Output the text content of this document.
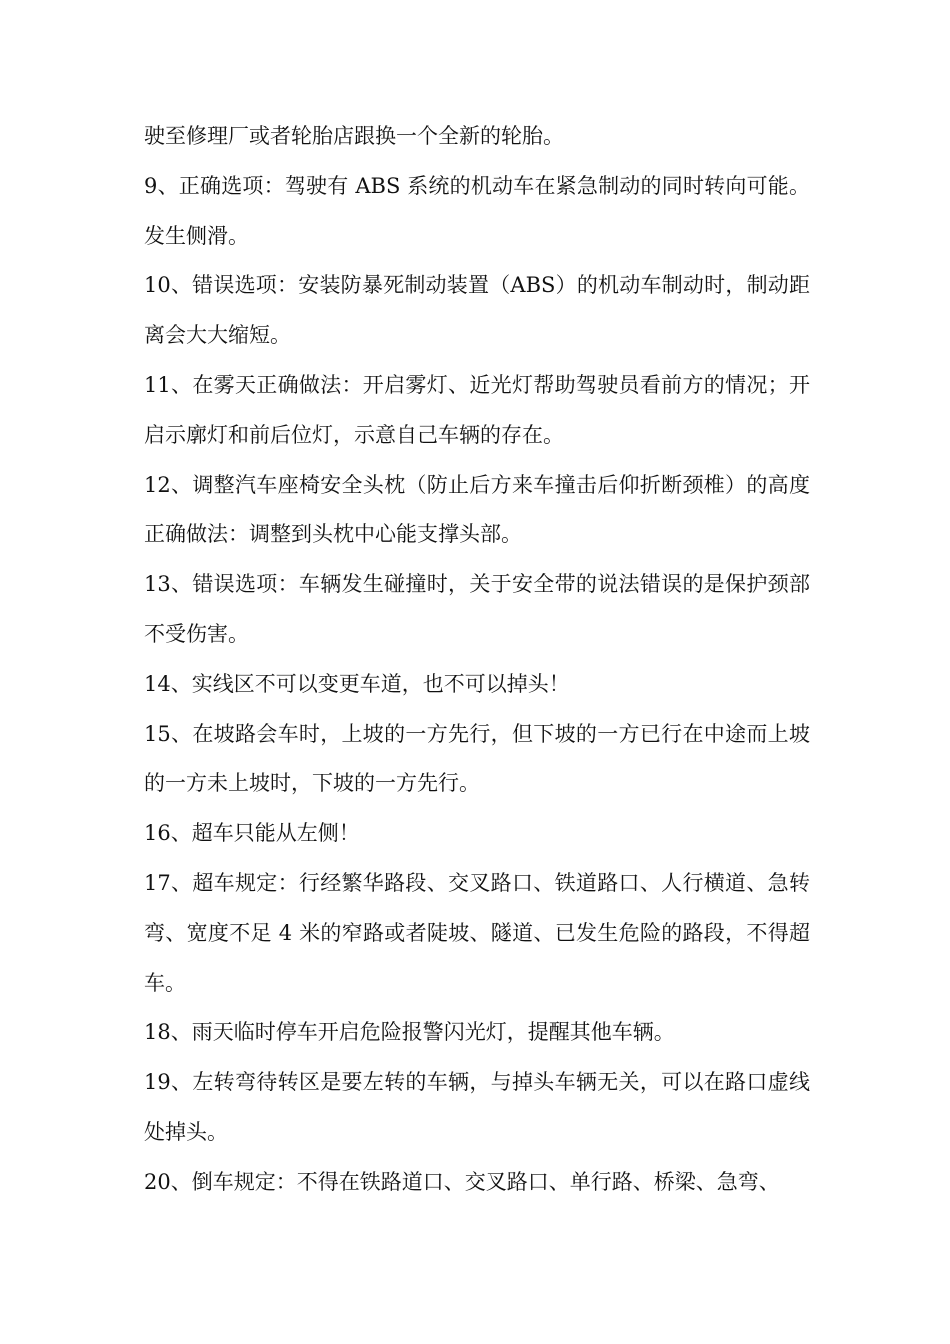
驶至修理厂或者轮胎店跟换一个全新的轮胎。

9、正确选项：驾驶有 ABS 系统的机动车在紧急制动的同时转向可能。发生侧滑。

10、错误选项：安装防暴死制动装置（ABS）的机动车制动时，制动距离会大大缩短。

11、在雾天正确做法：开启雾灯、近光灯帮助驾驶员看前方的情况；开启示廓灯和前后位灯，示意自己车辆的存在。

12、调整汽车座椅安全头枕（防止后方来车撞击后仰折断颈椎）的高度正确做法：调整到头枕中心能支撑头部。

13、错误选项：车辆发生碰撞时，关于安全带的说法错误的是保护颈部不受伤害。

14、实线区不可以变更车道，也不可以掉头！

15、在坡路会车时，上坡的一方先行，但下坡的一方已行在中途而上坡的一方未上坡时，下坡的一方先行。

16、超车只能从左侧！

17、超车规定：行经繁华路段、交叉路口、铁道路口、人行横道、急转弯、宽度不足 4 米的窄路或者陡坡、隧道、已发生危险的路段，不得超车。

18、雨天临时停车开启危险报警闪光灯，提醒其他车辆。

19、左转弯待转区是要左转的车辆，与掉头车辆无关，可以在路口虚线处掉头。

20、倒车规定：不得在铁路道口、交叉路口、单行路、桥梁、急弯、
